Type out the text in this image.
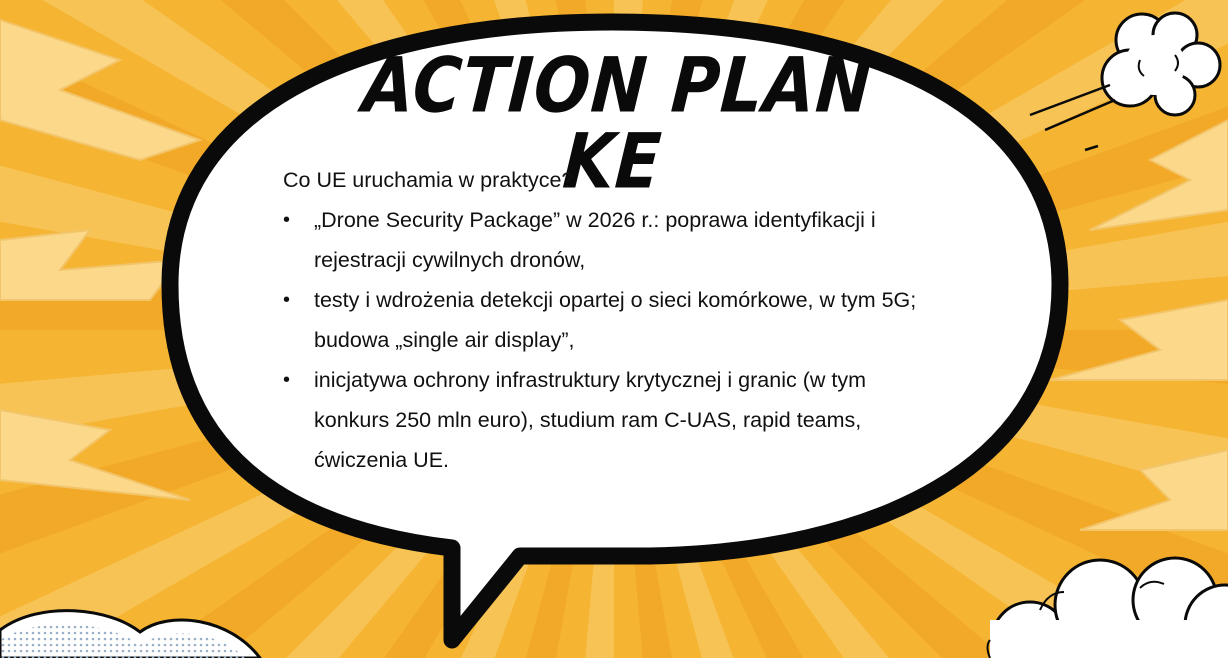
ACTION PLAN KE

Co UE uruchamia w praktyce?

• „Drone Security Package” w 2026 r.: poprawa identyfikacji i rejestracji cywilnych dronów,
• testy i wdrożenia detekcji opartej o sieci komórkowe, w tym 5G; budowa „single air display”,
• inicjatywa ochrony infrastruktury krytycznej i granic (w tym konkurs 250 mln euro), studium ram C-UAS, rapid teams, ćwiczenia UE.
